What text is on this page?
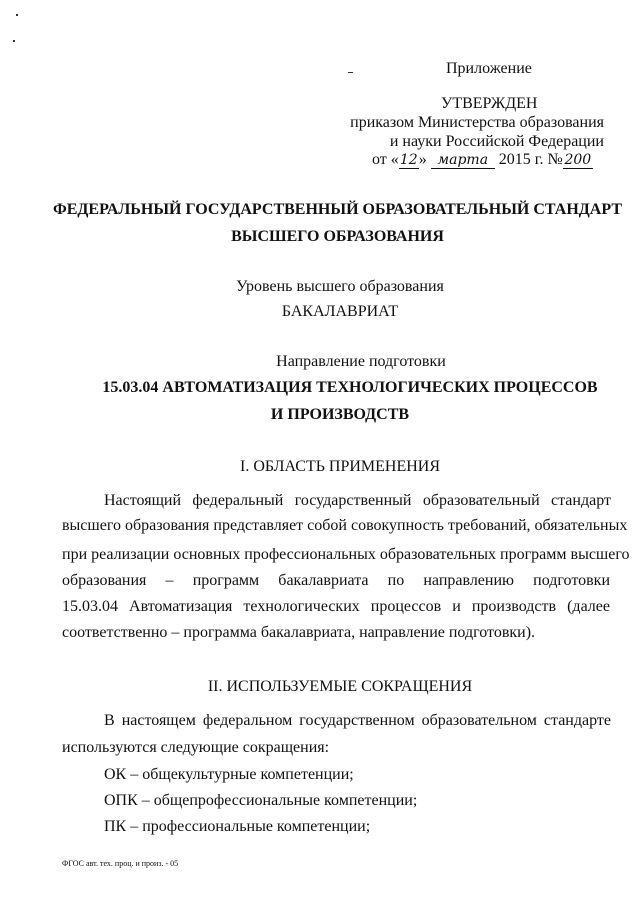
Приложение
УТВЕРЖДЕН
приказом Министерства образования
и науки Российской Федерации
от «12» марта 2015 г. № 200
ФЕДЕРАЛЬНЫЙ ГОСУДАРСТВЕННЫЙ ОБРАЗОВАТЕЛЬНЫЙ СТАНДАРТ
ВЫСШЕГО ОБРАЗОВАНИЯ
Уровень высшего образования
БАКАЛАВРИАТ
Направление подготовки
15.03.04 АВТОМАТИЗАЦИЯ ТЕХНОЛОГИЧЕСКИХ ПРОЦЕССОВ
И ПРОИЗВОДСТВ
I. ОБЛАСТЬ ПРИМЕНЕНИЯ
Настоящий федеральный государственный образовательный стандарт
высшего образования представляет собой совокупность требований, обязательных
при реализации основных профессиональных образовательных программ высшего
образования – программ бакалавриата по направлению подготовки
15.03.04 Автоматизация технологических процессов и производств (далее
соответственно – программа бакалавриата, направление подготовки).
II. ИСПОЛЬЗУЕМЫЕ СОКРАЩЕНИЯ
В настоящем федеральном государственном образовательном стандарте
используются следующие сокращения:
ОК – общекультурные компетенции;
ОПК – общепрофессиональные компетенции;
ПК – профессиональные компетенции;
ФГОС авт. тех. проц. и произ. - 05
